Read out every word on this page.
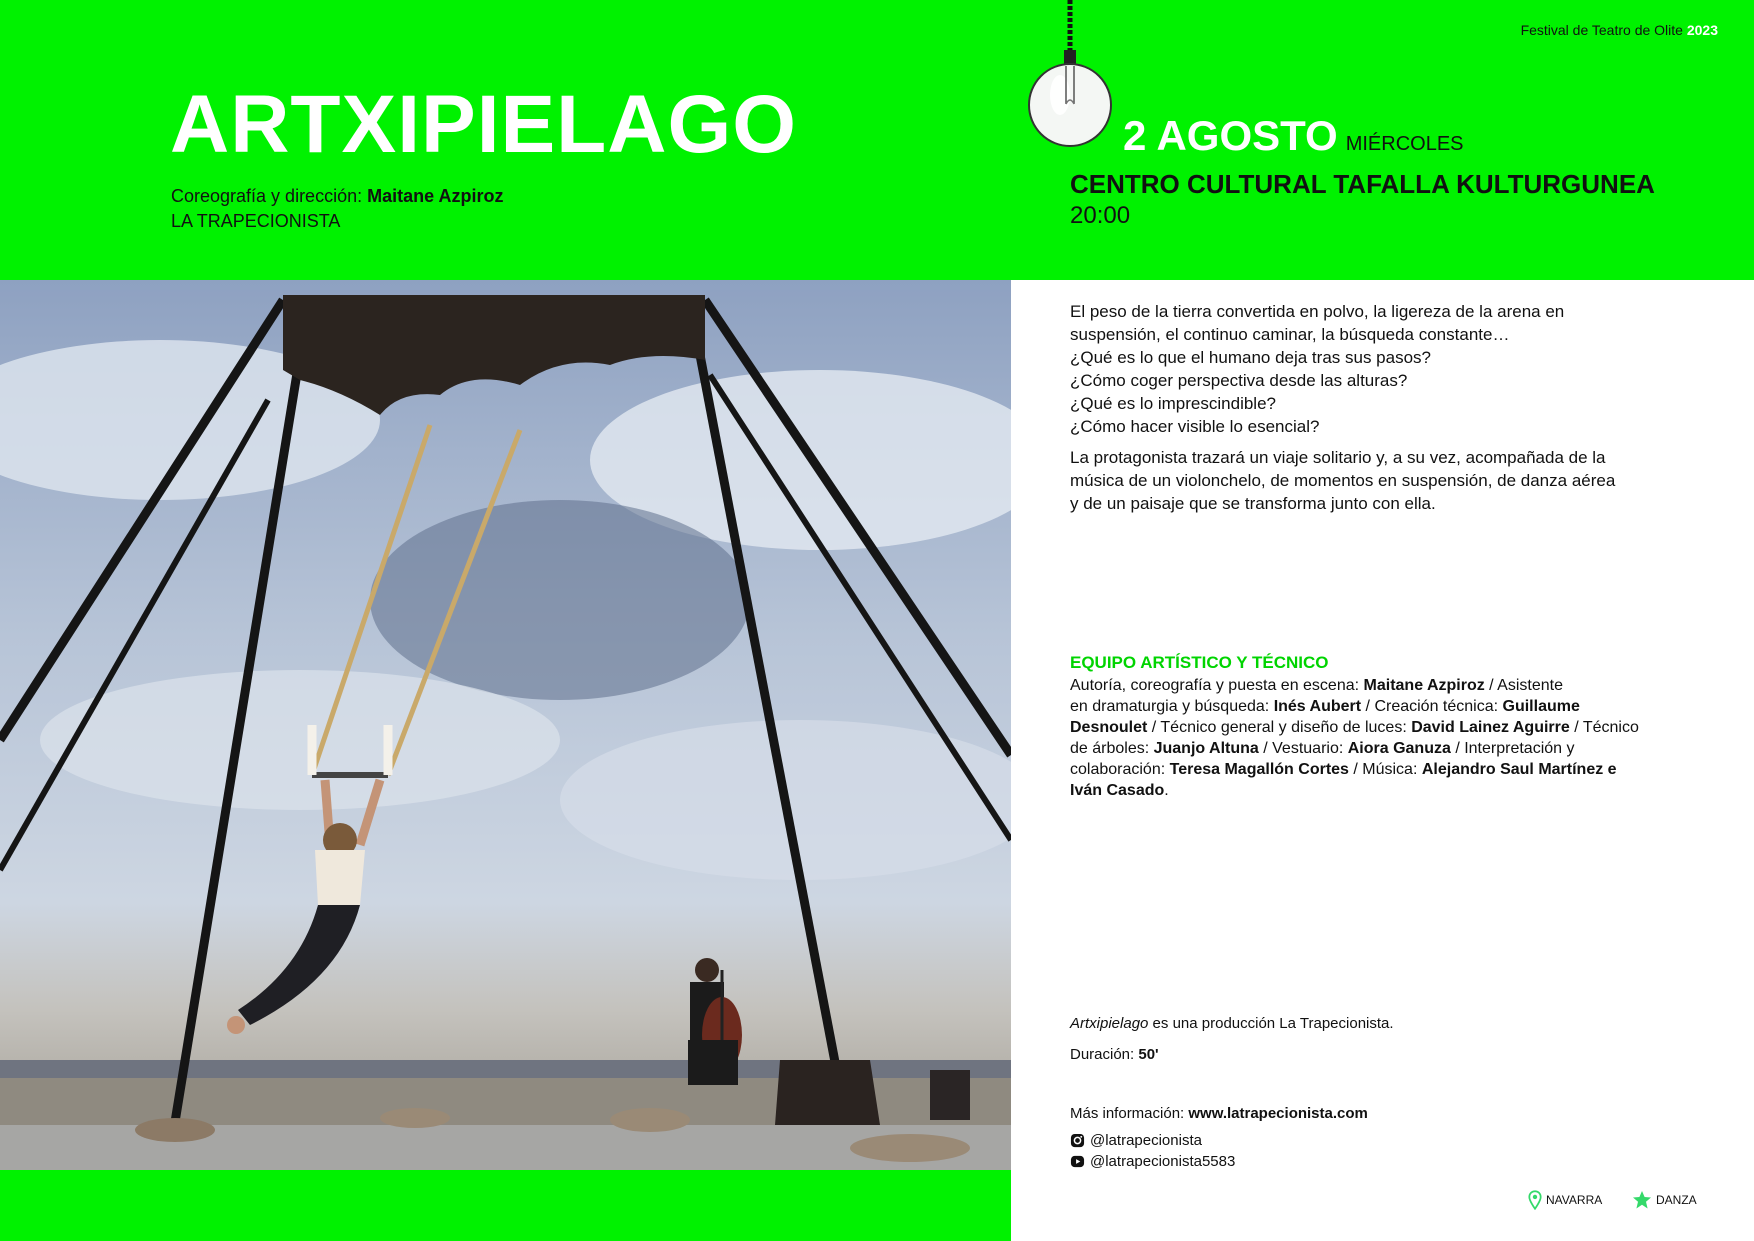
Festival de Teatro de Olite 2023
ARTXIPIELAGO
Coreografía y dirección: Maitane Azpiroz
LA TRAPECIONISTA
2 AGOSTO MIÉRCOLES
CENTRO CULTURAL TAFALLA KULTURGUNEA
20:00

El peso de la tierra convertida en polvo, la ligereza de la arena en
suspensión, el continuo caminar, la búsqueda constante…
¿Qué es lo que el humano deja tras sus pasos?
¿Cómo coger perspectiva desde las alturas?
¿Qué es lo imprescindible?
¿Cómo hacer visible lo esencial?

La protagonista trazará un viaje solitario y, a su vez, acompañada de la
música de un violonchelo, de momentos en suspensión, de danza aérea
y de un paisaje que se transforma junto con ella.

EQUIPO ARTÍSTICO Y TÉCNICO
Autoría, coreografía y puesta en escena: Maitane Azpiroz / Asistente
en dramaturgia y búsqueda: Inés Aubert / Creación técnica: Guillaume
Desnoulet / Técnico general y diseño de luces: David Lainez Aguirre / Técnico
de árboles: Juanjo Altuna / Vestuario: Aiora Ganuza / Interpretación y
colaboración: Teresa Magallón Cortes / Música: Alejandro Saul Martínez e
Iván Casado.
Artxipielago es una producción La Trapecionista.
Duración: 50'
Más información: www.latrapecionista.com
@latrapecionista
@latrapecionista5583
NAVARRA	DANZA
